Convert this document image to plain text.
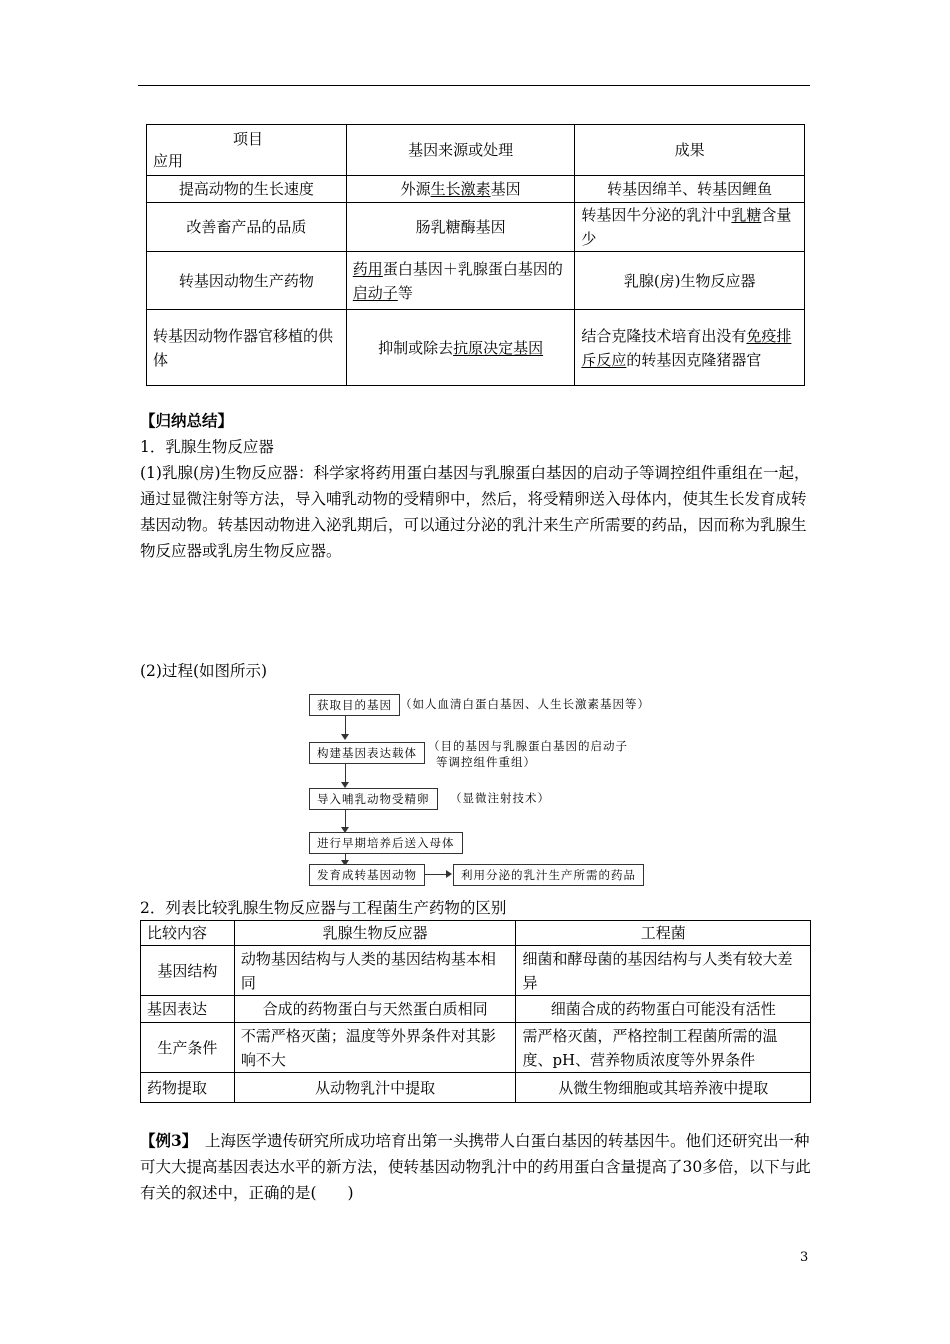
项目
应用	基因来源或处理	成果
提高动物的生长速度	外源生长激素基因	转基因绵羊、转基因鲤鱼
改善畜产品的品质	肠乳糖酶基因	转基因牛分泌的乳汁中乳糖含量少
转基因动物生产药物	药用蛋白基因＋乳腺蛋白基因的启动子等	乳腺(房)生物反应器
转基因动物作器官移植的供体	抑制或除去抗原决定基因	结合克隆技术培育出没有免疫排斥反应的转基因克隆猪器官
【归纳总结】
1．乳腺生物反应器
(1)乳腺(房)生物反应器：科学家将药用蛋白基因与乳腺蛋白基因的启动子等调控组件重组在一起，通过显微注射等方法，导入哺乳动物的受精卵中，然后，将受精卵送入母体内，使其生长发育成转基因动物。转基因动物进入泌乳期后，可以通过分泌的乳汁来生产所需要的药品，因而称为乳腺生物反应器或乳房生物反应器。
(2)过程(如图所示)
获取目的基因 （如人血清白蛋白基因、人生长激素基因等）
构建基因表达载体 （目的基因与乳腺蛋白基因的启动子
等调控组件重组）
导入哺乳动物受精卵	（显微注射技术）
进行早期培养后送入母体
发育成转基因动物	利用分泌的乳汁生产所需的药品
2．列表比较乳腺生物反应器与工程菌生产药物的区别
比较内容	乳腺生物反应器	工程菌
基因结构	动物基因结构与人类的基因结构基本相同	细菌和酵母菌的基因结构与人类有较大差异
基因表达	合成的药物蛋白与天然蛋白质相同	细菌合成的药物蛋白可能没有活性
生产条件	不需严格灭菌；温度等外界条件对其影响不大	需严格灭菌，严格控制工程菌所需的温度、pH、营养物质浓度等外界条件
药物提取	从动物乳汁中提取	从微生物细胞或其培养液中提取
【例3】　上海医学遗传研究所成功培育出第一头携带人白蛋白基因的转基因牛。他们还研究出一种可大大提高基因表达水平的新方法，使转基因动物乳汁中的药用蛋白含量提高了30多倍，以下与此有关的叙述中，正确的是(　　)
3
